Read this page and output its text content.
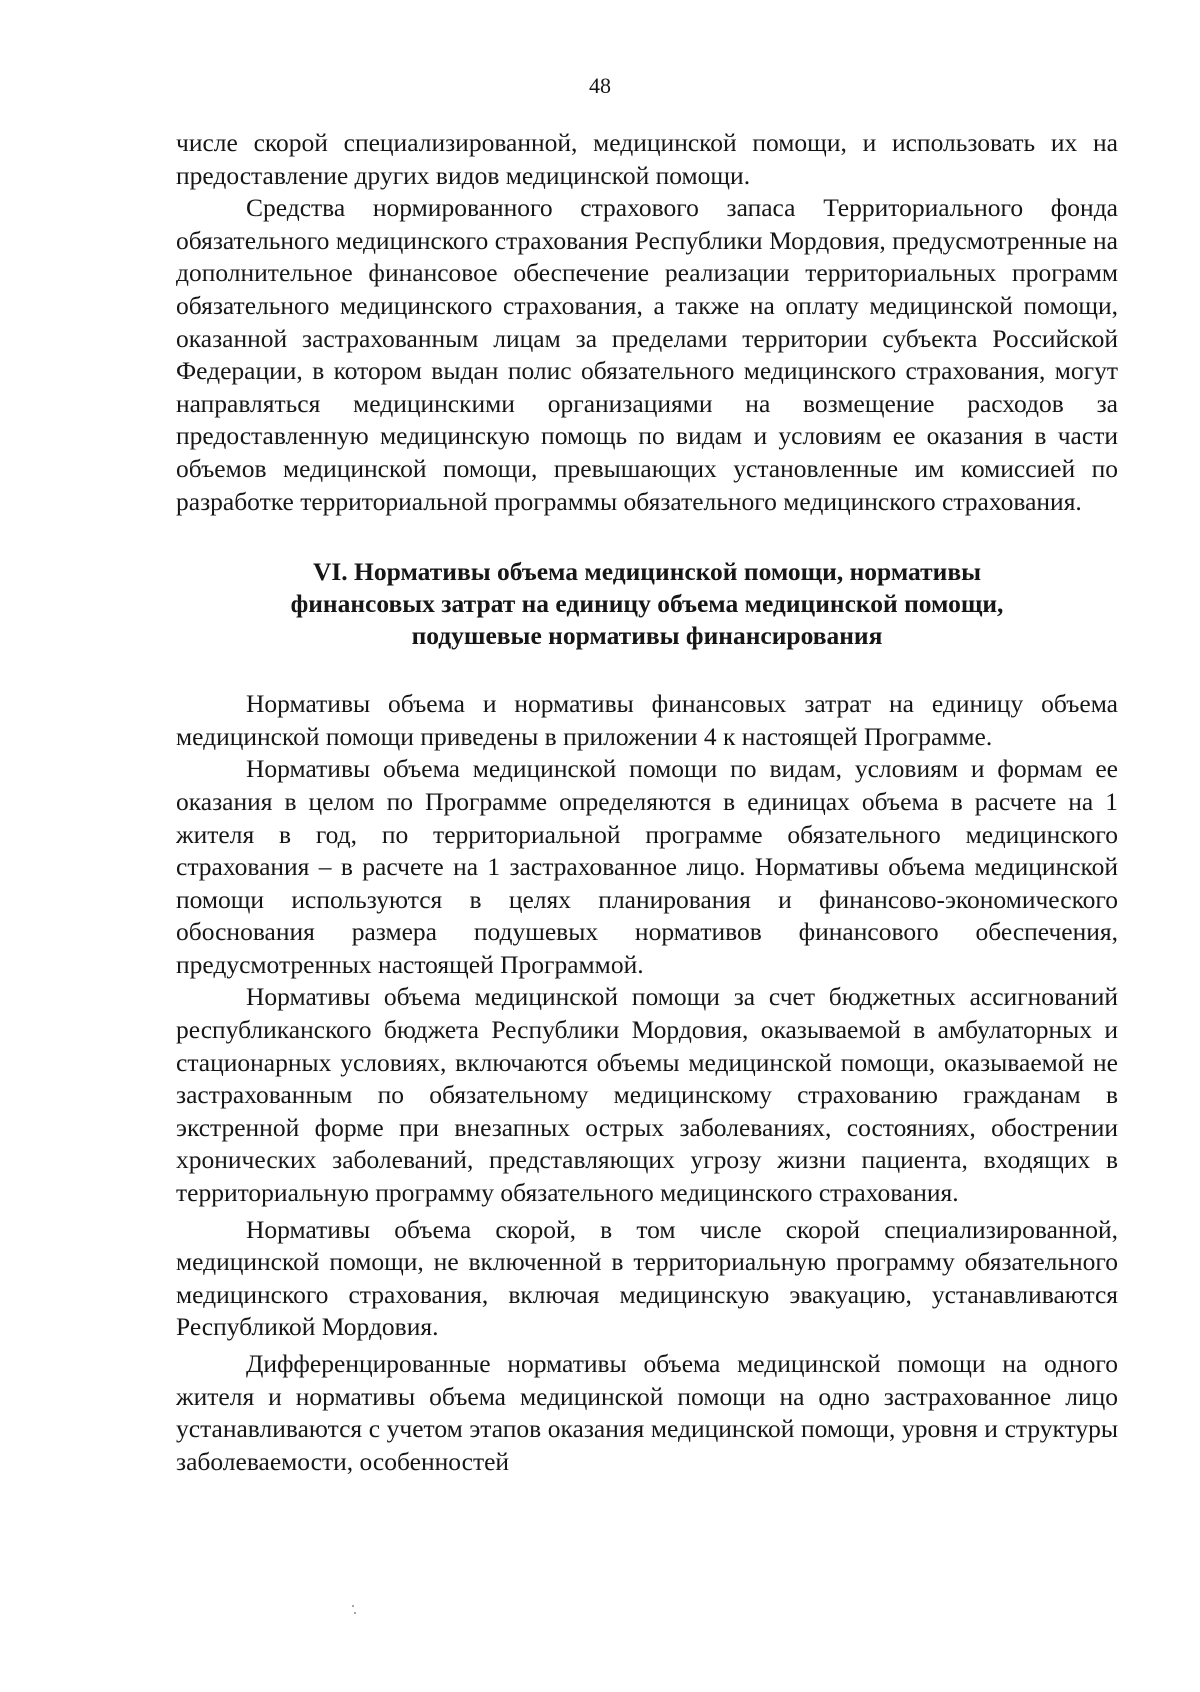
48

числе скорой специализированной, медицинской помощи, и использовать их на предоставление других видов медицинской помощи.

Средства нормированного страхового запаса Территориального фонда обязательного медицинского страхования Республики Мордовия, предусмотренные на дополнительное финансовое обеспечение реализации территориальных программ обязательного медицинского страхования, а также на оплату медицинской помощи, оказанной застрахованным лицам за пределами территории субъекта Российской Федерации, в котором выдан полис обязательного медицинского страхования, могут направляться медицинскими организациями на возмещение расходов за предоставленную медицинскую помощь по видам и условиям ее оказания в части объемов медицинской помощи, превышающих установленные им комиссией по разработке территориальной программы обязательного медицинского страхования.

VI. Нормативы объема медицинской помощи, нормативы
финансовых затрат на единицу объема медицинской помощи,
подушевые нормативы финансирования

Нормативы объема и нормативы финансовых затрат на единицу объема медицинской помощи приведены в приложении 4 к настоящей Программе.

Нормативы объема медицинской помощи по видам, условиям и формам ее оказания в целом по Программе определяются в единицах объема в расчете на 1 жителя в год, по территориальной программе обязательного медицинского страхования – в расчете на 1 застрахованное лицо. Нормативы объема медицинской помощи используются в целях планирования и финансово-экономического обоснования размера подушевых нормативов финансового обеспечения, предусмотренных настоящей Программой.

Нормативы объема медицинской помощи за счет бюджетных ассигнований республиканского бюджета Республики Мордовия, оказываемой в амбулаторных и стационарных условиях, включаются объемы медицинской помощи, оказываемой не застрахованным по обязательному медицинскому страхованию гражданам в экстренной форме при внезапных острых заболеваниях, состояниях, обострении хронических заболеваний, представляющих угрозу жизни пациента, входящих в территориальную программу обязательного медицинского страхования.

Нормативы объема скорой, в том числе скорой специализированной, медицинской помощи, не включенной в территориальную программу обязательного медицинского страхования, включая медицинскую эвакуацию, устанавливаются Республикой Мордовия.

Дифференцированные нормативы объема медицинской помощи на одного жителя и нормативы объема медицинской помощи на одно застрахованное лицо устанавливаются с учетом этапов оказания медицинской помощи, уровня и структуры заболеваемости, особенностей
